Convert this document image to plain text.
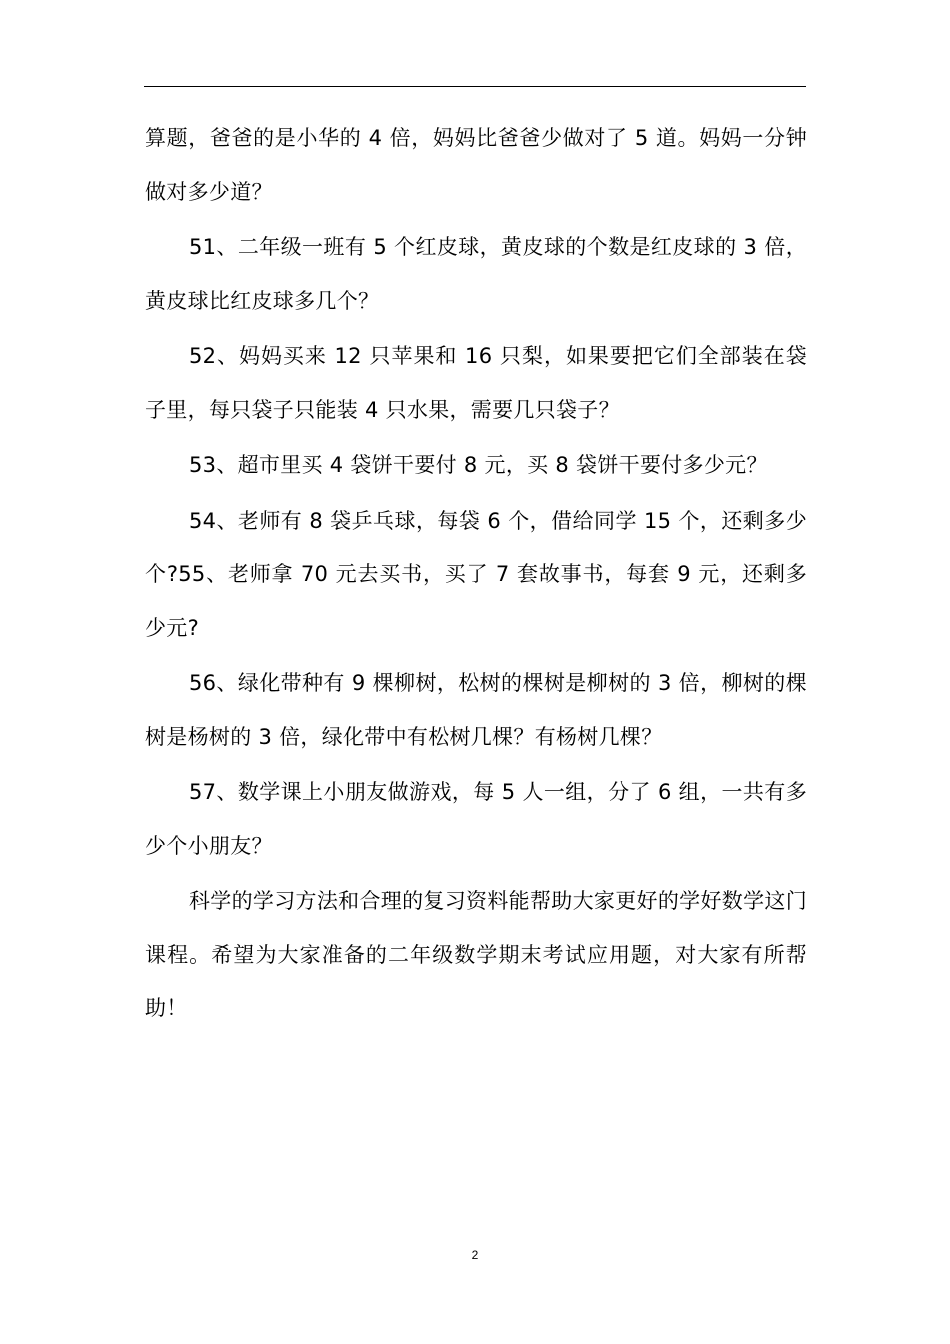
算题，爸爸的是小华的 4 倍，妈妈比爸爸少做对了 5 道。妈妈一分钟做对多少道？

51、二年级一班有 5 个红皮球，黄皮球的个数是红皮球的 3 倍，黄皮球比红皮球多几个？

52、妈妈买来 12 只苹果和 16 只梨，如果要把它们全部装在袋子里，每只袋子只能装 4 只水果，需要几只袋子？

53、超市里买 4 袋饼干要付 8 元，买 8 袋饼干要付多少元？

54、老师有 8 袋乒乓球，每袋 6 个，借给同学 15 个，还剩多少个?55、老师拿 70 元去买书，买了 7 套故事书，每套 9 元，还剩多少元?

56、绿化带种有 9 棵柳树，松树的棵树是柳树的 3 倍，柳树的棵树是杨树的 3 倍，绿化带中有松树几棵？有杨树几棵？

57、数学课上小朋友做游戏，每 5 人一组，分了 6 组，一共有多少个小朋友？

科学的学习方法和合理的复习资料能帮助大家更好的学好数学这门课程。希望为大家准备的二年级数学期末考试应用题，对大家有所帮助！

2
